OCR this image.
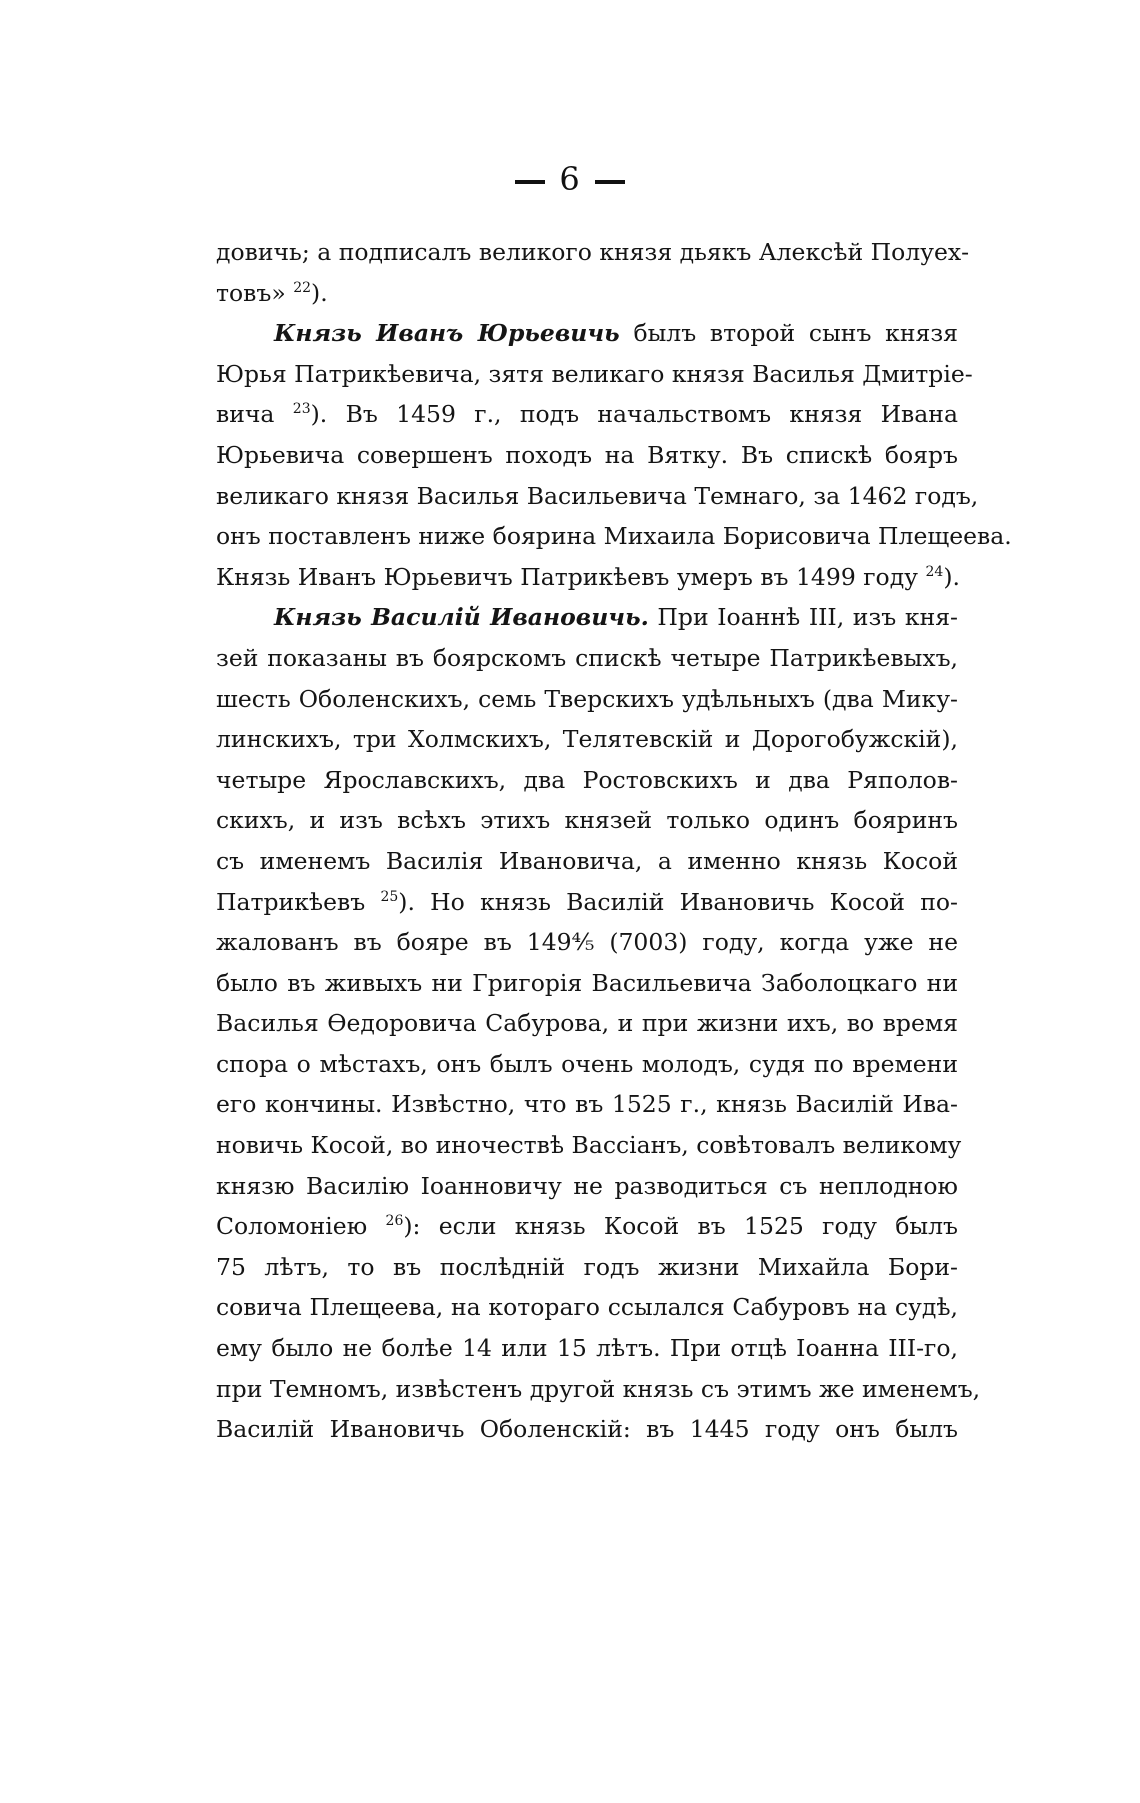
6
довичь; а подписалъ великого князя дьякъ Алексѣй Полуех-
товъ» $^{22}$).
Князь Иванъ Юрьевичь былъ второй сынъ князя
Юрья Патрикѣевича, зятя великаго князя Василья Дмитріе-
вича $^{23}$). Въ 1459 г., подъ начальствомъ князя Ивана
Юрьевича совершенъ походъ на Вятку. Въ спискѣ бояръ
великаго князя Василья Васильевича Темнаго, за 1462 годъ,
онъ поставленъ ниже боярина Михаила Борисовича Плещеева.
Князь Иванъ Юрьевичъ Патрикѣевъ умеръ въ 1499 году $^{24}$).
Князь Василій Ивановичь. При Іоаннѣ III, изъ кня-
зей показаны въ боярскомъ спискѣ четыре Патрикѣевыхъ,
шесть Оболенскихъ, семь Тверскихъ удѣльныхъ (два Мику-
линскихъ, три Холмскихъ, Телятевскій и Дорогобужскій),
четыре Ярославскихъ, два Ростовскихъ и два Ряполов-
скихъ, и изъ всѣхъ этихъ князей только одинъ бояринъ
съ именемъ Василія Ивановича, а именно князь Косой
Патрикѣевъ $^{25}$). Но князь Василій Ивановичь Косой по-
жалованъ въ бояре въ 149⁴⁄₅ (7003) году, когда уже не
было въ живыхъ ни Григорія Васильевича Заболоцкаго ни
Василья Өедоровича Сабурова, и при жизни ихъ, во время
спора о мѣстахъ, онъ былъ очень молодъ, судя по времени
его кончины. Извѣстно, что въ 1525 г., князь Василій Ива-
новичь Косой, во иночествѣ Вассіанъ, совѣтовалъ великому
князю Василію Іоанновичу не разводиться съ неплодною
Соломоніею $^{26}$): если князь Косой въ 1525 году былъ
75 лѣтъ, то въ послѣдній годъ жизни Михайла Бори-
совича Плещеева, на котораго ссылался Сабуровъ на судѣ,
ему было не болѣе 14 или 15 лѣтъ. При отцѣ Іоанна III-го,
при Темномъ, извѣстенъ другой князь съ этимъ же именемъ,
Василій Ивановичь Оболенскій: въ 1445 году онъ былъ
